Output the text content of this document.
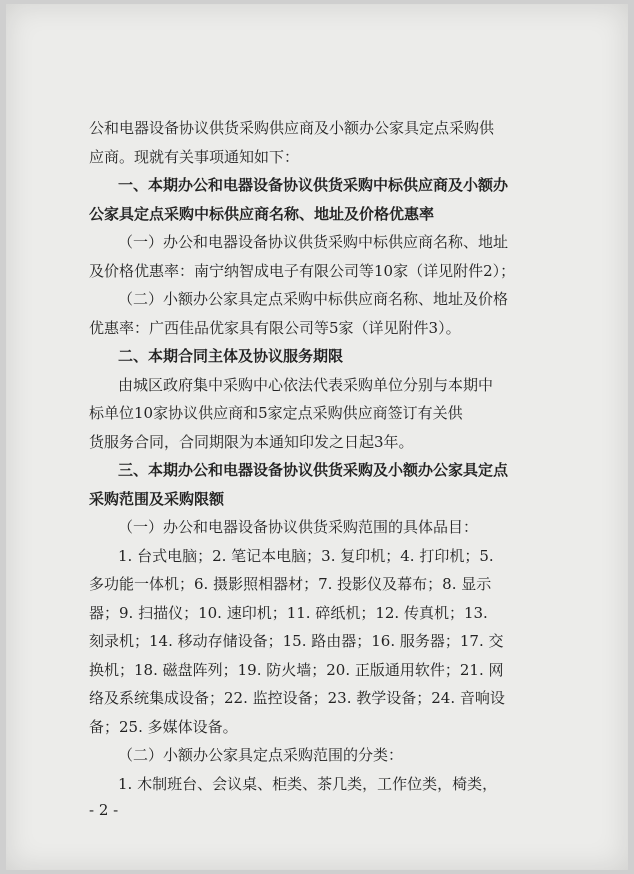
公和电器设备协议供货采购供应商及小额办公家具定点采购供
应商。现就有关事项通知如下：
一、本期办公和电器设备协议供货采购中标供应商及小额办
公家具定点采购中标供应商名称、地址及价格优惠率
（一）办公和电器设备协议供货采购中标供应商名称、地址
及价格优惠率：南宁纳智成电子有限公司等10家（详见附件2）；
（二）小额办公家具定点采购中标供应商名称、地址及价格
优惠率：广西佳品优家具有限公司等5家（详见附件3）。
二、本期合同主体及协议服务期限
由城区政府集中采购中心依法代表采购单位分别与本期中
标单位10家协议供应商和5家定点采购供应商签订有关供
货服务合同，合同期限为本通知印发之日起3年。
三、本期办公和电器设备协议供货采购及小额办公家具定点
采购范围及采购限额
（一）办公和电器设备协议供货采购范围的具体品目：
1. 台式电脑；2. 笔记本电脑；3. 复印机；4. 打印机；5.
多功能一体机；6. 摄影照相器材；7. 投影仪及幕布；8. 显示
器；9. 扫描仪；10. 速印机；11. 碎纸机；12. 传真机；13.
刻录机；14. 移动存储设备；15. 路由器；16. 服务器；17. 交
换机；18. 磁盘阵列；19. 防火墙；20. 正版通用软件；21. 网
络及系统集成设备；22. 监控设备；23. 教学设备；24. 音响设
备；25. 多媒体设备。
（二）小额办公家具定点采购范围的分类：
1. 木制班台、会议桌、柜类、茶几类，工作位类，椅类，
- 2 -
